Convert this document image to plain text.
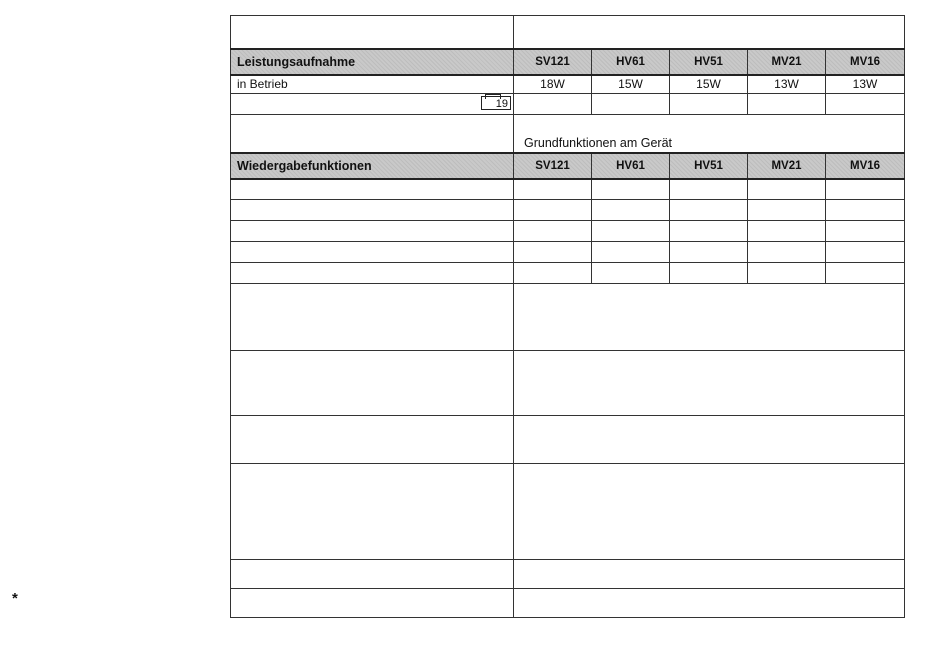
*

Leistungsaufnahme	SV121	HV61	HV51	MV21	MV16
in Betrieb	18W	15W	15W	13W	13W

19					

	Grundfunktionen am Gerät				

Wiedergabefunktionen	SV121	HV61	HV51	MV21	MV16
